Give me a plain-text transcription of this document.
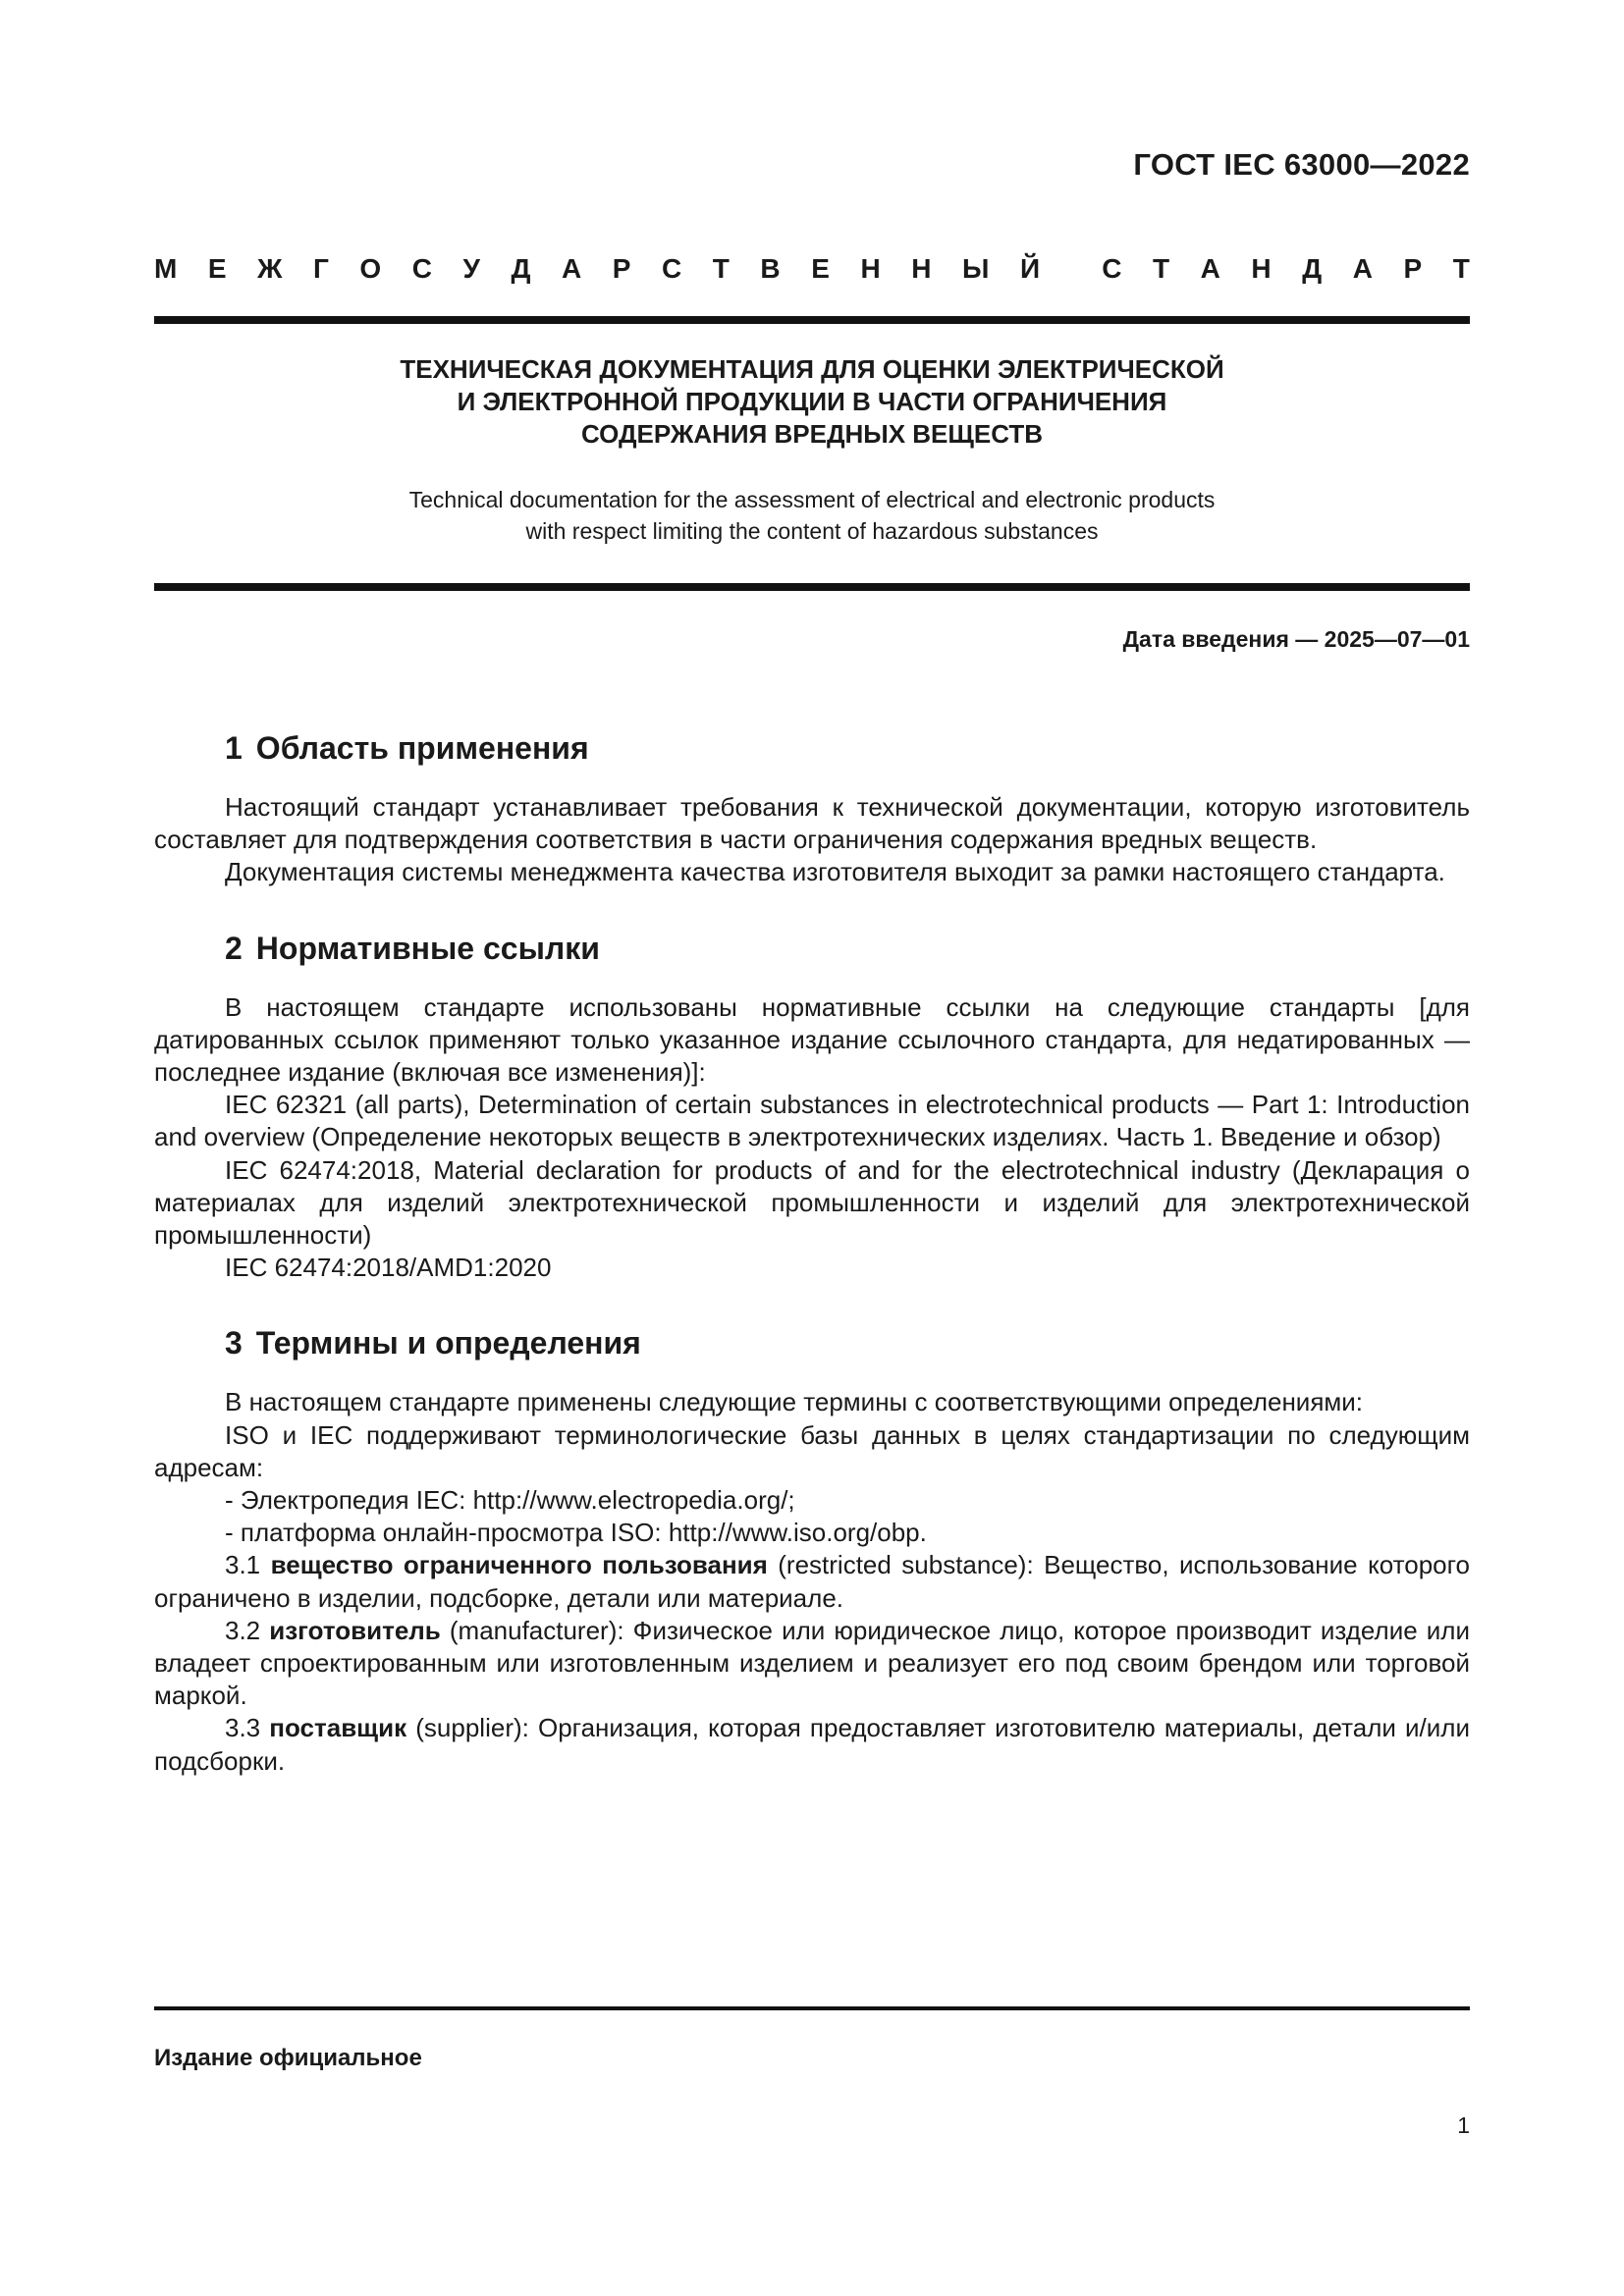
ГОСТ IEC 63000—2022
М Е Ж Г О С У Д А Р С Т В Е Н Н Ы Й С Т А Н Д А Р Т
ТЕХНИЧЕСКАЯ ДОКУМЕНТАЦИЯ ДЛЯ ОЦЕНКИ ЭЛЕКТРИЧЕСКОЙ
И ЭЛЕКТРОННОЙ ПРОДУКЦИИ В ЧАСТИ ОГРАНИЧЕНИЯ
СОДЕРЖАНИЯ ВРЕДНЫХ ВЕЩЕСТВ
Technical documentation for the assessment of electrical and electronic products
with respect limiting the content of hazardous substances
Дата введения — 2025—07—01
1 Область применения

Настоящий стандарт устанавливает требования к технической документации, которую изготовитель составляет для подтверждения соответствия в части ограничения содержания вредных веществ.

Документация системы менеджмента качества изготовителя выходит за рамки настоящего стандарта.

2 Нормативные ссылки

В настоящем стандарте использованы нормативные ссылки на следующие стандарты [для датированных ссылок применяют только указанное издание ссылочного стандарта, для недатированных — последнее издание (включая все изменения)]:

IEC 62321 (all parts), Determination of certain substances in electrotechnical products — Part 1: Introduction and overview (Определение некоторых веществ в электротехнических изделиях. Часть 1. Введение и обзор)

IEC 62474:2018, Material declaration for products of and for the electrotechnical industry (Декларация о материалах для изделий электротехнической промышленности и изделий для электротехнической промышленности)

IEC 62474:2018/AMD1:2020

3 Термины и определения

В настоящем стандарте применены следующие термины с соответствующими определениями:

ISO и IEC поддерживают терминологические базы данных в целях стандартизации по следующим адресам:

- Электропедия IEC: http://www.electropedia.org/;

- платформа онлайн-просмотра ISO: http://www.iso.org/obp.

3.1 вещество ограниченного пользования (restricted substance): Вещество, использование которого ограничено в изделии, подсборке, детали или материале.

3.2 изготовитель (manufacturer): Физическое или юридическое лицо, которое производит изделие или владеет спроектированным или изготовленным изделием и реализует его под своим брендом или торговой маркой.

3.3 поставщик (supplier): Организация, которая предоставляет изготовителю материалы, детали и/или подсборки.

Издание официальное
1
